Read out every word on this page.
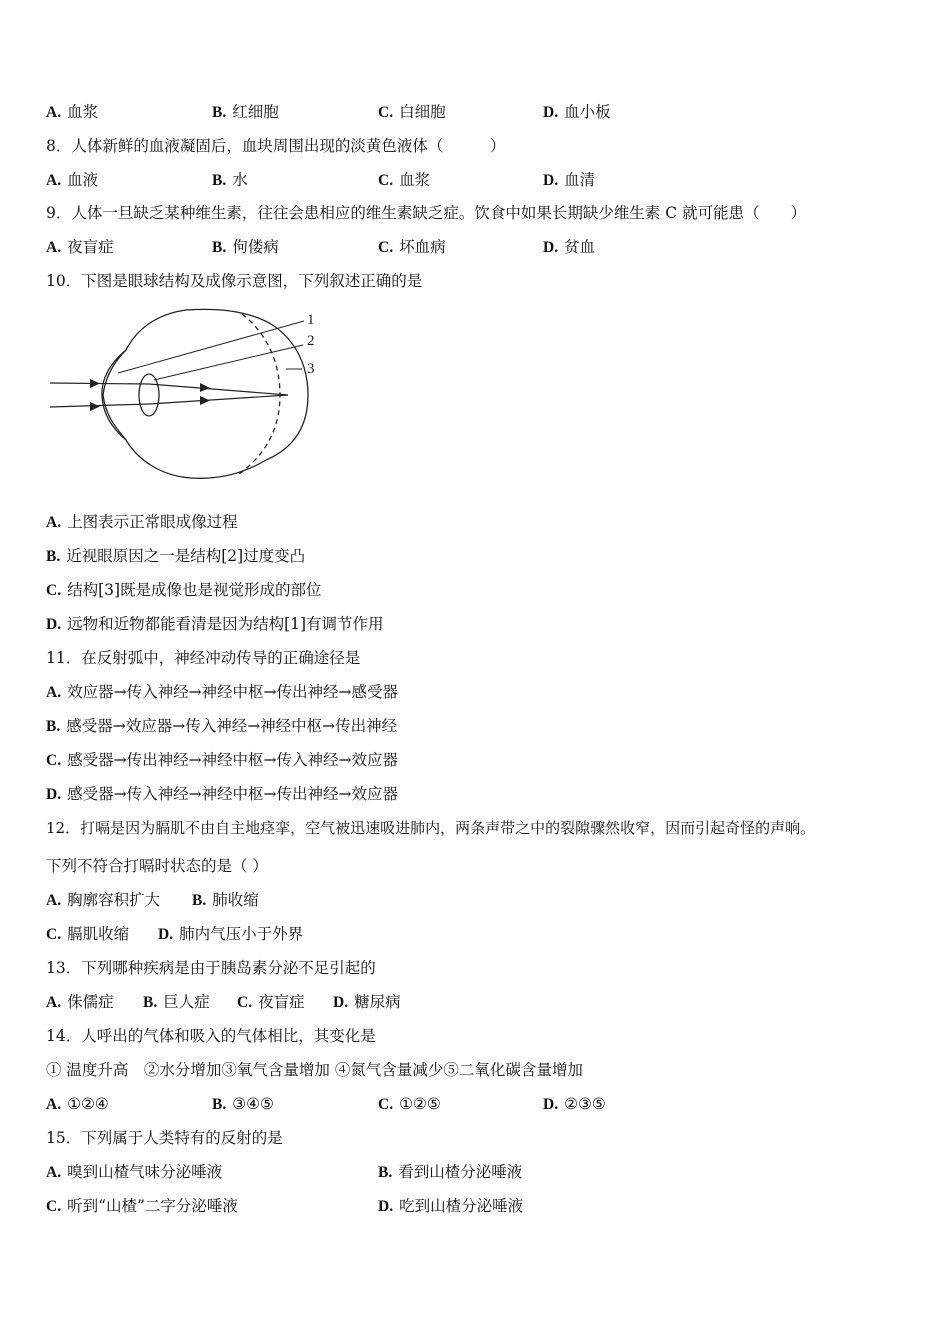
A. 血浆	B. 红细胞	C. 白细胞	D. 血小板
8．人体新鲜的血液凝固后，血块周围出现的淡黄色液体（　　　）
A. 血液	B. 水	C. 血浆	D. 血清
9．人体一旦缺乏某种维生素，往往会患相应的维生素缺乏症。饮食中如果长期缺少维生素 C 就可能患（　　）
A. 夜盲症	B. 佝偻病	C. 坏血病	D. 贫血
10．下图是眼球结构及成像示意图，下列叙述正确的是
1
2
3
A. 上图表示正常眼成像过程
B. 近视眼原因之一是结构[2]过度变凸
C. 结构[3]既是成像也是视觉形成的部位
D. 远物和近物都能看清是因为结构[1]有调节作用
11．在反射弧中，神经冲动传导的正确途径是
A. 效应器→传入神经→神经中枢→传出神经→感受器
B. 感受器→效应器→传入神经→神经中枢→传出神经
C. 感受器→传出神经→神经中枢→传入神经→效应器
D. 感受器→传入神经→神经中枢→传出神经→效应器
12．打嗝是因为膈肌不由自主地痉挛，空气被迅速吸进肺内，两条声带之中的裂隙骤然收窄，因而引起奇怪的声响。
下列不符合打嗝时状态的是（ ）
A. 胸廓容积扩大 B. 肺收缩
C. 膈肌收缩 D. 肺内气压小于外界
13．下列哪种疾病是由于胰岛素分泌不足引起的
A. 侏儒症 B. 巨人症 C. 夜盲症 D. 糖尿病
14．人呼出的气体和吸入的气体相比，其变化是
① 温度升高　②水分增加③氧气含量增加 ④氮气含量减少⑤二氧化碳含量增加
A. ①②④	B. ③④⑤	C. ①②⑤	D. ②③⑤
15．下列属于人类特有的反射的是
A. 嗅到山楂气味分泌唾液	B. 看到山楂分泌唾液
C. 听到“山楂”二字分泌唾液	D. 吃到山楂分泌唾液
